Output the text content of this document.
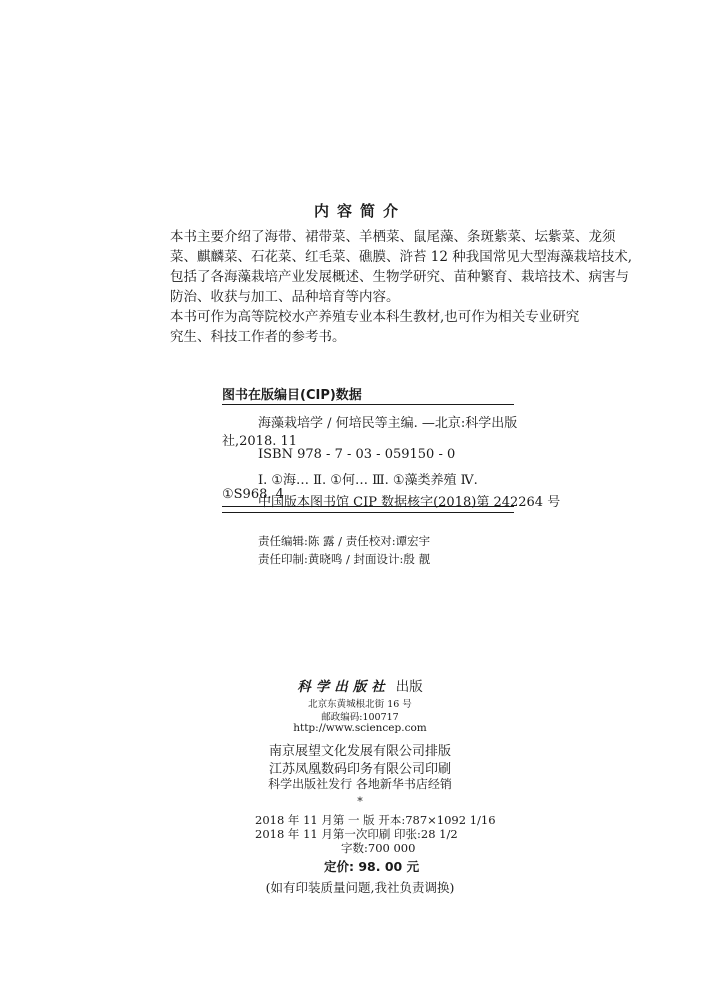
内容简介
本书主要介绍了海带、裙带菜、羊栖菜、鼠尾藻、条斑紫菜、坛紫菜、龙须
菜、麒麟菜、石花菜、红毛菜、礁膜、浒苔 12 种我国常见大型海藻栽培技术,
包括了各海藻栽培产业发展概述、生物学研究、苗种繁育、栽培技术、病害与
防治、收获与加工、品种培育等内容。
本书可作为高等院校水产养殖专业本科生教材,也可作为相关专业研究
究生、科技工作者的参考书。
图书在版编目(CIP)数据
海藻栽培学 / 何培民等主编. —北京:科学出版
社,2018. 11
ISBN 978 - 7 - 03 - 059150 - 0
Ⅰ. ①海… Ⅱ. ①何… Ⅲ. ①藻类养殖 Ⅳ.
①S968. 4
中国版本图书馆 CIP 数据核字(2018)第 242264 号
责任编辑:陈 露 / 责任校对:谭宏宇
责任印制:黄晓鸣 / 封面设计:殷 靓
科学出版社 出版
北京东黄城根北街 16 号
邮政编码:100717
http://www.sciencep.com
南京展望文化发展有限公司排版
江苏凤凰数码印务有限公司印刷
科学出版社发行 各地新华书店经销
*
2018 年 11 月第 一 版 开本:787×1092 1/16
2018 年 11 月第一次印刷 印张:28 1/2
字数:700 000
定价: 98. 00 元
(如有印装质量问题,我社负责调换)
